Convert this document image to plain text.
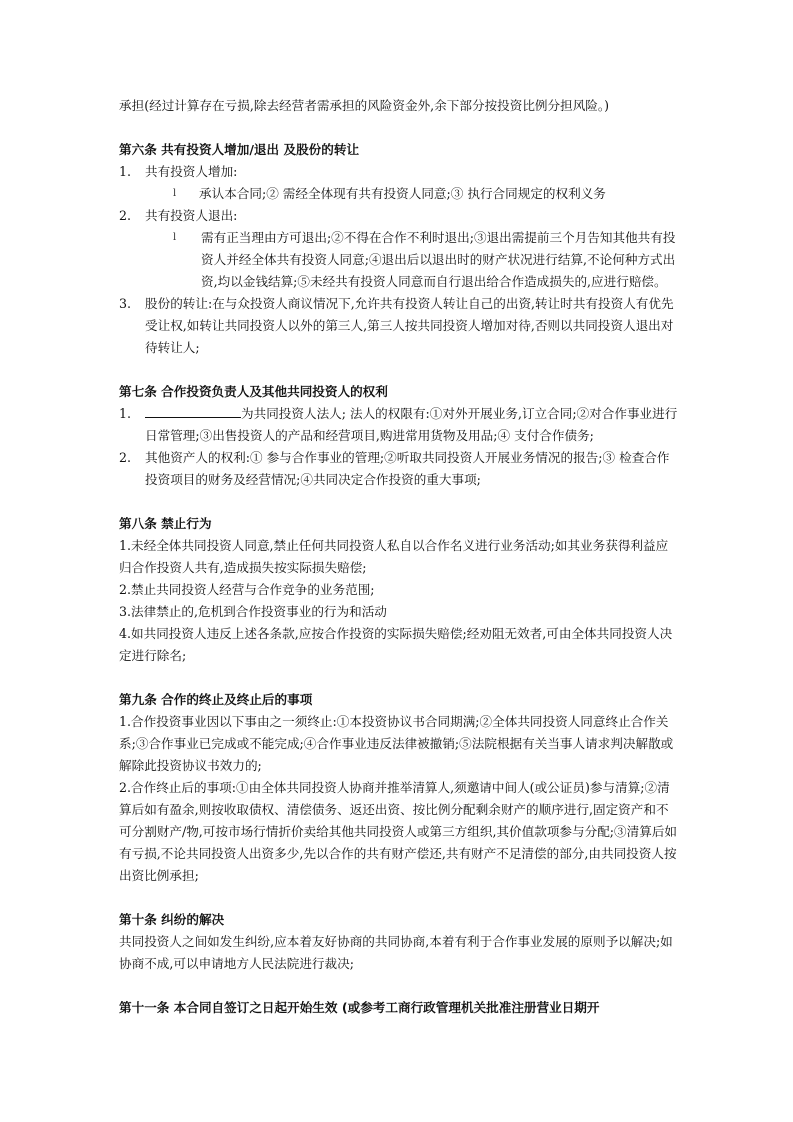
承担(经过计算存在亏损,除去经营者需承担的风险资金外,余下部分按投资比例分担风险。)

第六条 共有投资人增加/退出 及股份的转让

1.	共有投资人增加:
l	承认本合同;② 需经全体现有共有投资人同意;③ 执行合同规定的权利义务
2.	共有投资人退出:
l	需有正当理由方可退出;②不得在合作不利时退出;③退出需提前三个月告知其他共有投资人并经全体共有投资人同意;④退出后以退出时的财产状况进行结算,不论何种方式出资,均以金钱结算;⑤未经共有投资人同意而自行退出给合作造成损失的,应进行赔偿。
3.	股份的转让:在与众投资人商议情况下,允许共有投资人转让自己的出资,转让时共有投资人有优先受让权,如转让共同投资人以外的第三人,第三人按共同投资人增加对待,否则以共同投资人退出对待转让人;

第七条 合作投资负责人及其他共同投资人的权利

1.	为共同投资人法人; 法人的权限有:①对外开展业务,订立合同;②对合作事业进行日常管理;③出售投资人的产品和经营项目,购进常用货物及用品;④ 支付合作债务;
2.	其他资产人的权利:① 参与合作事业的管理;②听取共同投资人开展业务情况的报告;③ 检查合作投资项目的财务及经营情况;④共同决定合作投资的重大事项;

第八条 禁止行为

1.未经全体共同投资人同意,禁止任何共同投资人私自以合作名义进行业务活动;如其业务获得利益应归合作投资人共有,造成损失按实际损失赔偿;

2.禁止共同投资人经营与合作竞争的业务范围;

3.法律禁止的,危机到合作投资事业的行为和活动

4.如共同投资人违反上述各条款,应按合作投资的实际损失赔偿;经劝阻无效者,可由全体共同投资人决定进行除名;

第九条 合作的终止及终止后的事项

1.合作投资事业因以下事由之一须终止:①本投资协议书合同期满;②全体共同投资人同意终止合作关系;③合作事业已完成或不能完成;④合作事业违反法律被撤销;⑤法院根据有关当事人请求判决解散或解除此投资协议书效力的;

2.合作终止后的事项:①由全体共同投资人协商并推举清算人,须邀请中间人(或公证员)参与清算;②清算后如有盈余,则按收取债权、清偿债务、返还出资、按比例分配剩余财产的顺序进行,固定资产和不可分割财产/物,可按市场行情折价卖给其他共同投资人或第三方组织,其价值款项参与分配;③清算后如有亏损,不论共同投资人出资多少,先以合作的共有财产偿还,共有财产不足清偿的部分,由共同投资人按出资比例承担;

第十条 纠纷的解决

共同投资人之间如发生纠纷,应本着友好协商的共同协商,本着有利于合作事业发展的原则予以解决;如协商不成,可以申请地方人民法院进行裁决;

第十一条 本合同自签订之日起开始生效 (或参考工商行政管理机关批准注册营业日期开
